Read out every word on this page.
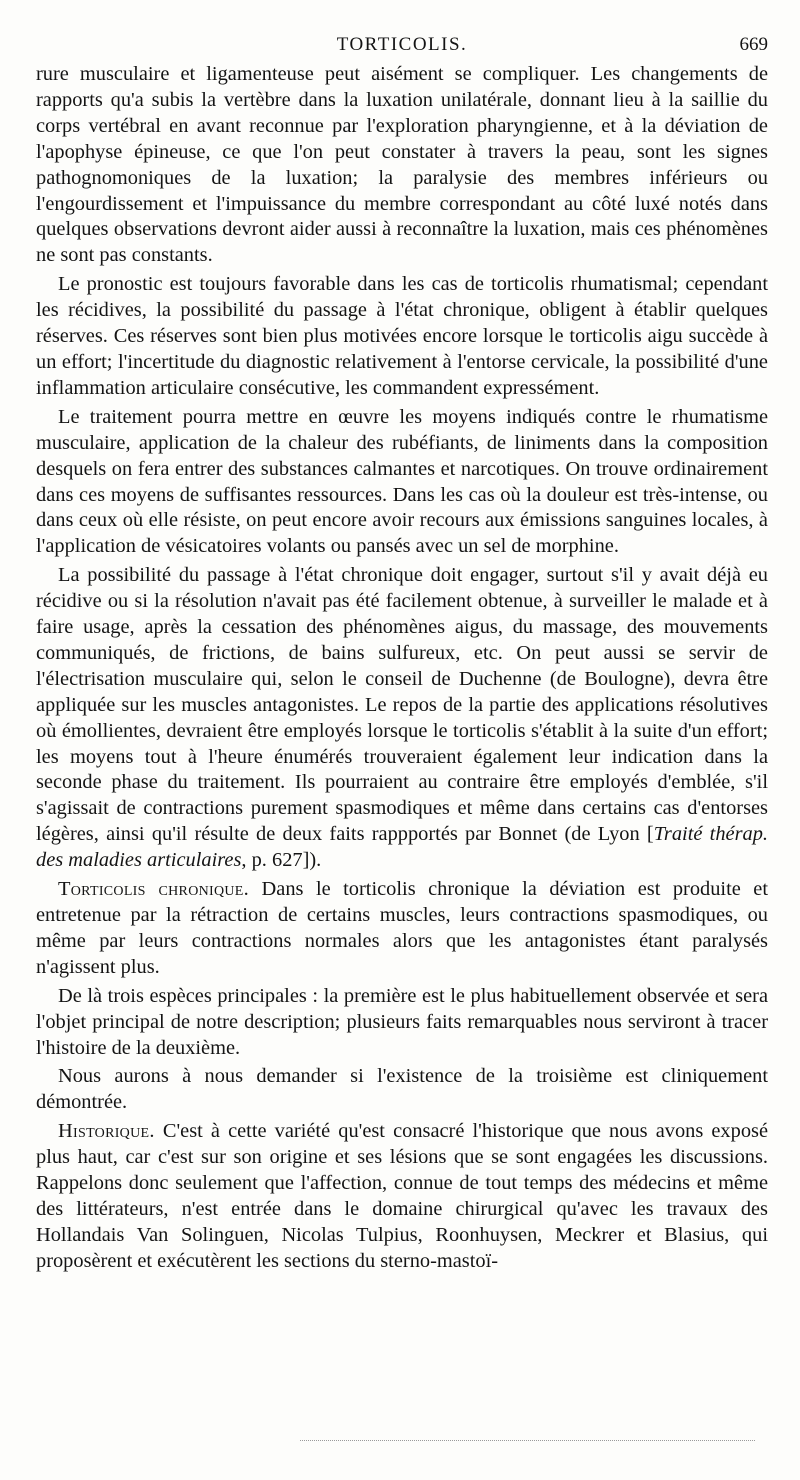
TORTICOLIS.	669

rure musculaire et ligamenteuse peut aisément se compliquer. Les changements de rapports qu'a subis la vertèbre dans la luxation unilatérale, donnant lieu à la saillie du corps vertébral en avant reconnue par l'exploration pharyngienne, et à la déviation de l'apophyse épineuse, ce que l'on peut constater à travers la peau, sont les signes pathognomoniques de la luxation; la paralysie des membres inférieurs ou l'engourdissement et l'impuissance du membre correspondant au côté luxé notés dans quelques observations devront aider aussi à reconnaître la luxation, mais ces phénomènes ne sont pas constants.

Le pronostic est toujours favorable dans les cas de torticolis rhumatismal; cependant les récidives, la possibilité du passage à l'état chronique, obligent à établir quelques réserves. Ces réserves sont bien plus motivées encore lorsque le torticolis aigu succède à un effort; l'incertitude du diagnostic relativement à l'entorse cervicale, la possibilité d'une inflammation articulaire consécutive, les commandent expressément.

Le traitement pourra mettre en œuvre les moyens indiqués contre le rhumatisme musculaire, application de la chaleur des rubéfiants, de liniments dans la composition desquels on fera entrer des substances calmantes et narcotiques. On trouve ordinairement dans ces moyens de suffisantes ressources. Dans les cas où la douleur est très-intense, ou dans ceux où elle résiste, on peut encore avoir recours aux émissions sanguines locales, à l'application de vésicatoires volants ou pansés avec un sel de morphine.

La possibilité du passage à l'état chronique doit engager, surtout s'il y avait déjà eu récidive ou si la résolution n'avait pas été facilement obtenue, à surveiller le malade et à faire usage, après la cessation des phénomènes aigus, du massage, des mouvements communiqués, de frictions, de bains sulfureux, etc. On peut aussi se servir de l'électrisation musculaire qui, selon le conseil de Duchenne (de Boulogne), devra être appliquée sur les muscles antagonistes. Le repos de la partie des applications résolutives où émollientes, devraient être employés lorsque le torticolis s'établit à la suite d'un effort; les moyens tout à l'heure énumérés trouveraient également leur indication dans la seconde phase du traitement. Ils pourraient au contraire être employés d'emblée, s'il s'agissait de contractions purement spasmodiques et même dans certains cas d'entorses légères, ainsi qu'il résulte de deux faits rappportés par Bonnet (de Lyon [Traité thérap. des maladies articulaires, p. 627]).

Torticolis chronique. Dans le torticolis chronique la déviation est produite et entretenue par la rétraction de certains muscles, leurs contractions spasmodiques, ou même par leurs contractions normales alors que les antagonistes étant paralysés n'agissent plus.

De là trois espèces principales : la première est le plus habituellement observée et sera l'objet principal de notre description; plusieurs faits remarquables nous serviront à tracer l'histoire de la deuxième.

Nous aurons à nous demander si l'existence de la troisième est cliniquement démontrée.

Historique. C'est à cette variété qu'est consacré l'historique que nous avons exposé plus haut, car c'est sur son origine et ses lésions que se sont engagées les discussions. Rappelons donc seulement que l'affection, connue de tout temps des médecins et même des littérateurs, n'est entrée dans le domaine chirurgical qu'avec les travaux des Hollandais Van Solinguen, Nicolas Tulpius, Roonhuysen, Meckrer et Blasius, qui proposèrent et exécutèrent les sections du sterno-mastoï-
